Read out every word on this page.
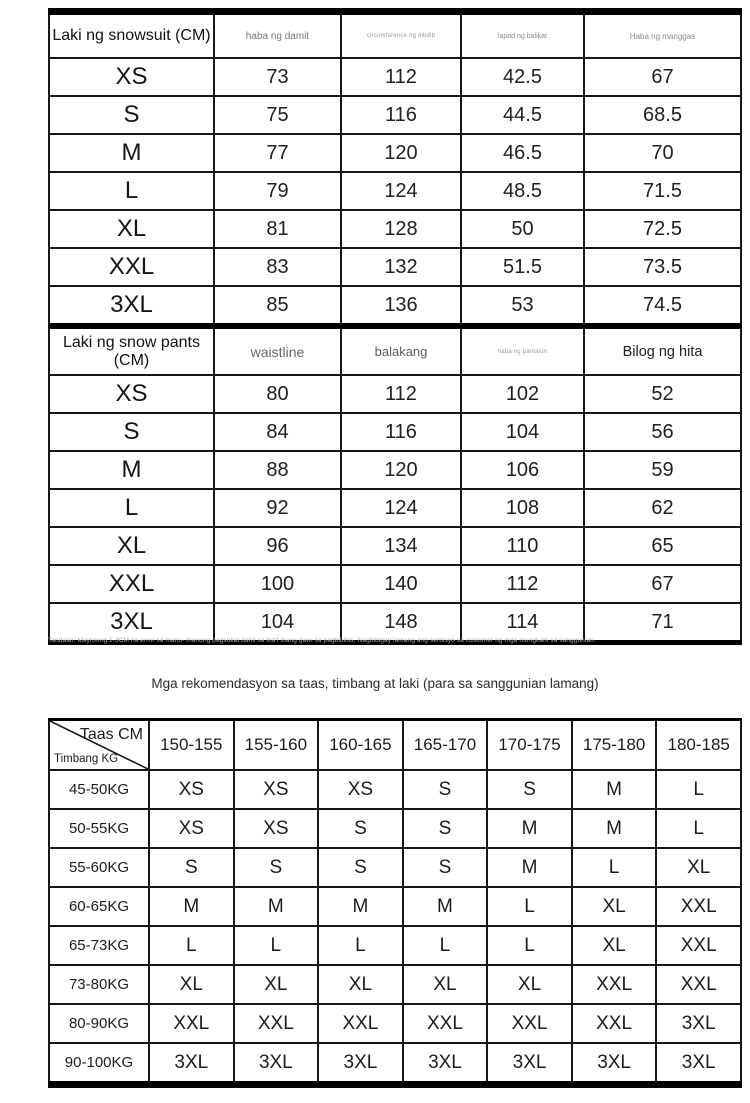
Laki ng snowsuit (CM)	haba ng damit	circumference ng dibdib	lapad ng balikat	Haba ng manggas
XS	73	112	42.5	67
S	75	116	44.5	68.5
M	77	120	46.5	70
L	79	124	48.5	71.5
XL	81	128	50	72.5
XXL	83	132	51.5	73.5
3XL	85	136	53	74.5
Laki ng snow pants (CM)	waistline	balakang	haba ng pantalon	Bilog ng hita
XS	80	112	102	52
S	84	116	104	56
M	88	120	106	59
L	92	124	108	62
XL	96	134	110	65
XXL	100	140	112	67
3XL	104	148	114	71

Tandaan: Mayroong 1-3CM na error sa manu- manong pagsukat dahil sa iba't ibang gawi sa pagbibihis. Nagbibigay lamang ang serbisyo sa customer ng mga mungkahi sa sanggunian.

Mga rekomendasyon sa taas, timbang at laki (para sa sanggunian lamang)
Taas CM
Timbang KG	150-155	155-160	160-165	165-170	170-175	175-180	180-185
45-50KG	XS	XS	XS	S	S	M	L
50-55KG	XS	XS	S	S	M	M	L
55-60KG	S	S	S	S	M	L	XL
60-65KG	M	M	M	M	L	XL	XXL
65-73KG	L	L	L	L	L	XL	XXL
73-80KG	XL	XL	XL	XL	XL	XXL	XXL
80-90KG	XXL	XXL	XXL	XXL	XXL	XXL	3XL
90-100KG	3XL	3XL	3XL	3XL	3XL	3XL	3XL
